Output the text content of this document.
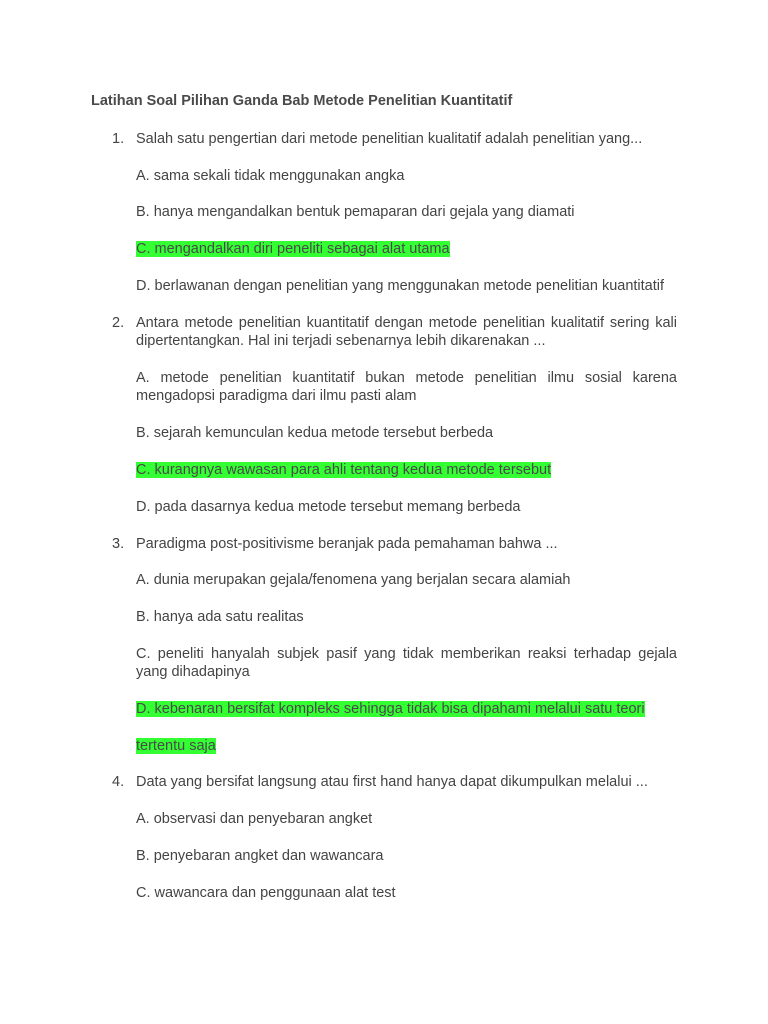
Latihan Soal Pilihan Ganda Bab Metode Penelitian Kuantitatif
1. Salah satu pengertian dari metode penelitian kualitatif adalah penelitian yang...
A. sama sekali tidak menggunakan angka
B. hanya mengandalkan bentuk pemaparan dari gejala yang diamati
C. mengandalkan diri peneliti sebagai alat utama
D. berlawanan dengan penelitian yang menggunakan metode penelitian kuantitatif
2. Antara metode penelitian kuantitatif dengan metode penelitian kualitatif sering kali dipertentangkan. Hal ini terjadi sebenarnya lebih dikarenakan ...
A. metode penelitian kuantitatif bukan metode penelitian ilmu sosial karena mengadopsi paradigma dari ilmu pasti alam
B. sejarah kemunculan kedua metode tersebut berbeda
C. kurangnya wawasan para ahli tentang kedua metode tersebut
D. pada dasarnya kedua metode tersebut memang berbeda
3. Paradigma post-positivisme beranjak pada pemahaman bahwa ...
A. dunia merupakan gejala/fenomena yang berjalan secara alamiah
B. hanya ada satu realitas
C. peneliti hanyalah subjek pasif yang tidak memberikan reaksi terhadap gejala yang dihadapinya
D. kebenaran bersifat kompleks sehingga tidak bisa dipahami melalui satu teori
tertentu saja
4. Data yang bersifat langsung atau first hand hanya dapat dikumpulkan melalui ...
A. observasi dan penyebaran angket
B. penyebaran angket dan wawancara
C. wawancara dan penggunaan alat test
